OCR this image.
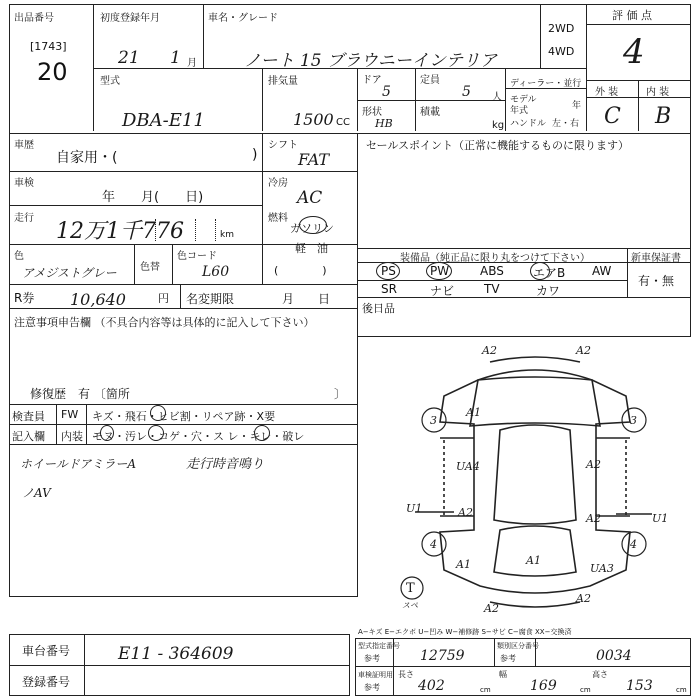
出品番号
[1743]
20
初度登録年月
21 1 月
車名・グレード
ノート 15 ブラウニーインテリア
2WD
4WD
評 価 点
4
型式
DBA-E11
排気量
1500 CC
ドア
5
定員
5 人
形状
HB
積載
kg
ディーラー・並行
モデル
年式	年
ハンドル 左・右
外 装	内 装
C B
車歴
自家用・(	)
シフト
FAT
車検
年　　月(　　日)
冷房
AC
走行
12万1千776	km
燃料
ガソリン
軽　油
(　　　　)
色
アメジストグレー 色替
色コード
L60
R券 10,640	円 名変期限	月　　日
注意事項申告欄 （不具合内容等は具体的に記入して下さい）
修復歴　有 〔箇所	〕
検査員
記入欄
FW キズ・飛石・ヒビ割・リペア跡・X要
内装 モヌ・汚レ・コゲ・穴・ス レ・キレ・破レ
ホイールドアミラーA	走行時音鳴り
ノAV
車台番号	E11 - 364609
登録番号
セールスポイント（正常に機能するものに限ります）
装備品（純正品に限り丸をつけて下さい）	新車保証書
有・無
PS	PW	ABS エアB AW
SR	ナビ TV	カワ
後日品
A2	A2
3
A1
3
UA4	A2
U1	A2	A2	U1
4
A1
4
A1	UA3
A2
A2
T
スペ
A−キズ E−エクボ U−凹み W−補修跡 S−サビ C−腐食 XX−交換済
型式指定番号
参考	12759
類別区分番号
参考	0034
車検証明用
参考
長さ
402	cm
幅
169	cm
高さ
153	cm
